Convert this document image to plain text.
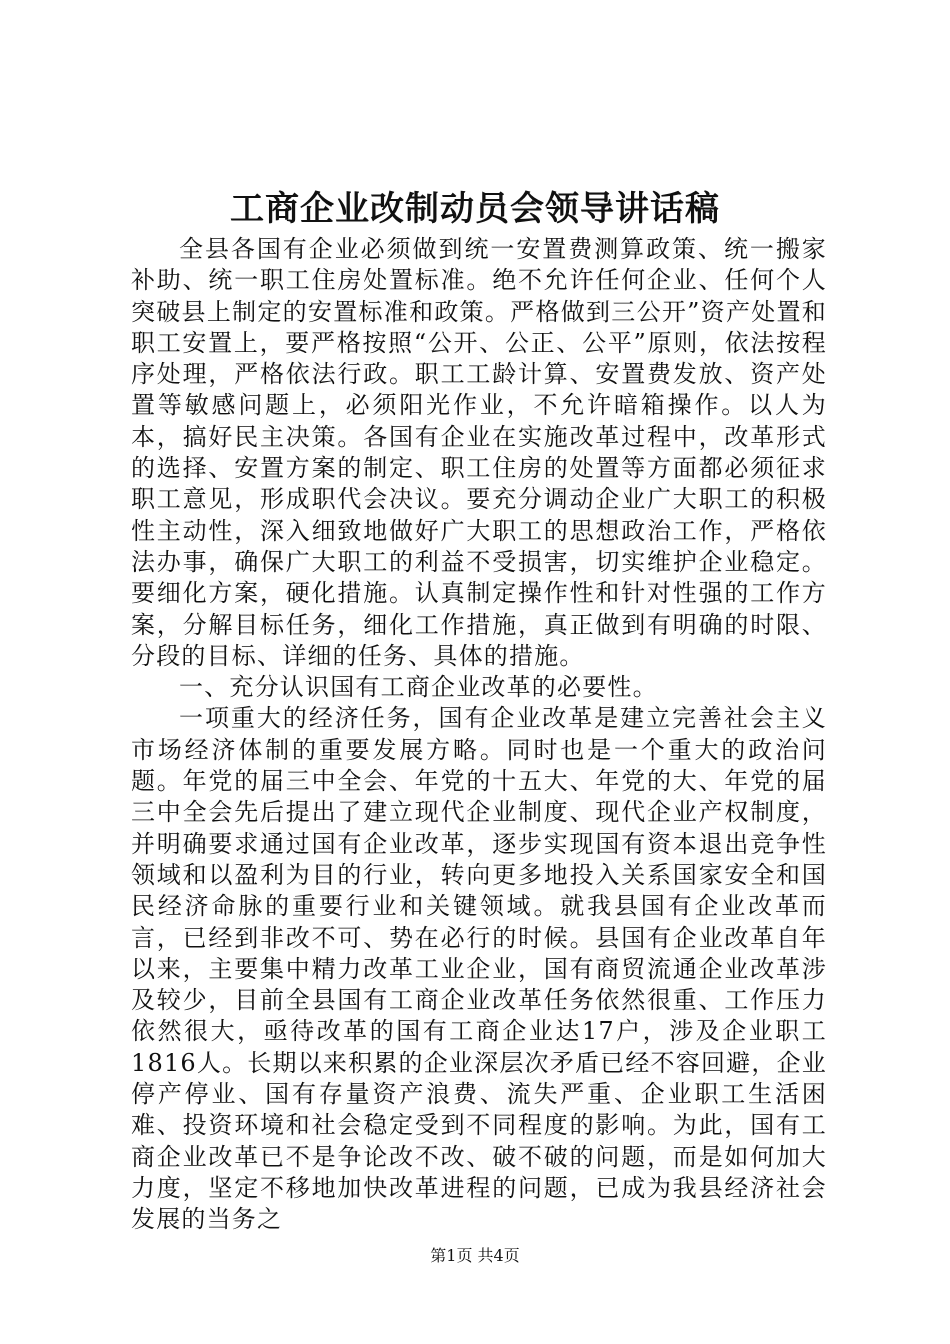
工商企业改制动员会领导讲话稿

全县各国有企业必须做到统一安置费测算政策、统一搬家补助、统一职工住房处置标准。绝不允许任何企业、任何个人突破县上制定的安置标准和政策。严格做到三公开”资产处置和职工安置上，要严格按照“公开、公正、公平”原则，依法按程序处理，严格依法行政。职工工龄计算、安置费发放、资产处置等敏感问题上，必须阳光作业，不允许暗箱操作。以人为本，搞好民主决策。各国有企业在实施改革过程中，改革形式的选择、安置方案的制定、职工住房的处置等方面都必须征求职工意见，形成职代会决议。要充分调动企业广大职工的积极性主动性，深入细致地做好广大职工的思想政治工作，严格依法办事，确保广大职工的利益不受损害，切实维护企业稳定。要细化方案，硬化措施。认真制定操作性和针对性强的工作方案，分解目标任务，细化工作措施，真正做到有明确的时限、分段的目标、详细的任务、具体的措施。

一、充分认识国有工商企业改革的必要性。

一项重大的经济任务，国有企业改革是建立完善社会主义市场经济体制的重要发展方略。同时也是一个重大的政治问题。年党的届三中全会、年党的十五大、年党的大、年党的届三中全会先后提出了建立现代企业制度、现代企业产权制度，并明确要求通过国有企业改革，逐步实现国有资本退出竞争性领域和以盈利为目的行业，转向更多地投入关系国家安全和国民经济命脉的重要行业和关键领域。就我县国有企业改革而言，已经到非改不可、势在必行的时候。县国有企业改革自年以来，主要集中精力改革工业企业，国有商贸流通企业改革涉及较少，目前全县国有工商企业改革任务依然很重、工作压力依然很大，亟待改革的国有工商企业达17户，涉及企业职工1816人。长期以来积累的企业深层次矛盾已经不容回避，企业停产停业、国有存量资产浪费、流失严重、企业职工生活困难、投资环境和社会稳定受到不同程度的影响。为此，国有工商企业改革已不是争论改不改、破不破的问题，而是如何加大力度，坚定不移地加快改革进程的问题，已成为我县经济社会发展的当务之

第1页 共4页
